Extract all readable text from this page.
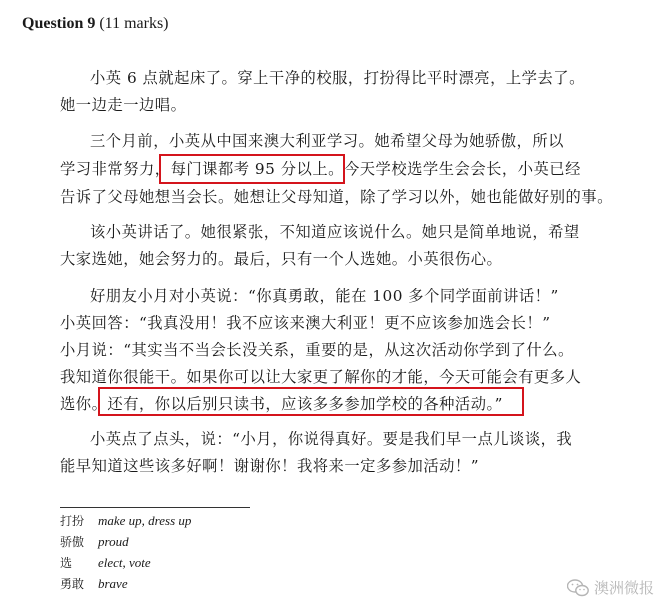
Question 9 (11 marks)
小英 6 点就起床了。穿上干净的校服，打扮得比平时漂亮，上学去了。
她一边走一边唱。
三个月前，小英从中国来澳大利亚学习。她希望父母为她骄傲，所以
学习非常努力，每门课都考 95 分以上。今天学校选学生会会长，小英已经
告诉了父母她想当会长。她想让父母知道，除了学习以外，她也能做好别的事。
该小英讲话了。她很紧张，不知道应该说什么。她只是简单地说，希望
大家选她，她会努力的。最后，只有一个人选她。小英很伤心。
好朋友小月对小英说：“你真勇敢，能在 100 多个同学面前讲话！”
小英回答：“我真没用！我不应该来澳大利亚！更不应该参加选会长！”
小月说：“其实当不当会长没关系，重要的是，从这次活动你学到了什么。
我知道你很能干。如果你可以让大家更了解你的才能，今天可能会有更多人
选你。还有，你以后别只读书，应该多多参加学校的各种活动。”
小英点了点头，说：“小月，你说得真好。要是我们早一点儿谈谈，我
能早知道这些该多好啊！谢谢你！我将来一定多参加活动！”
打扮 make up, dress up
骄傲 proud
选 elect, vote
勇敢 brave	澳洲微报
